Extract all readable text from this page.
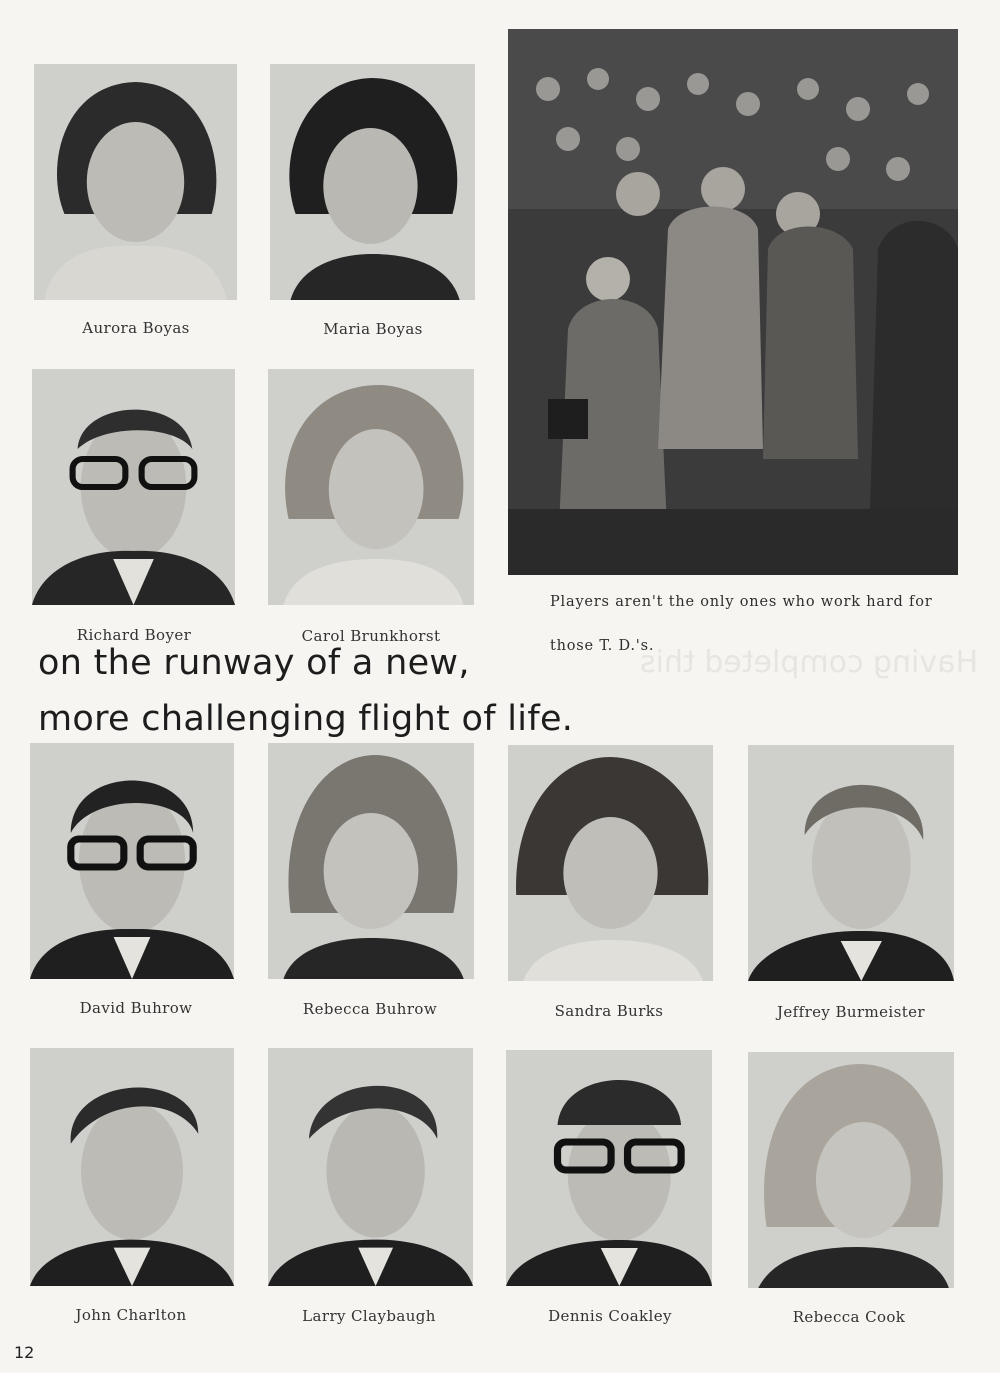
Players aren't the only ones who work hard for
those T. D.'s.
Aurora Boyas	Maria Boyas
Richard Boyer	Carol Brunkhorst
Having completed this
on the runway of a new,
more challenging flight of life.
David Buhrow	Rebecca Buhrow	Sandra Burks	Jeffrey Burmeister
John Charlton	Larry Claybaugh	Dennis Coakley	Rebecca Cook
12
